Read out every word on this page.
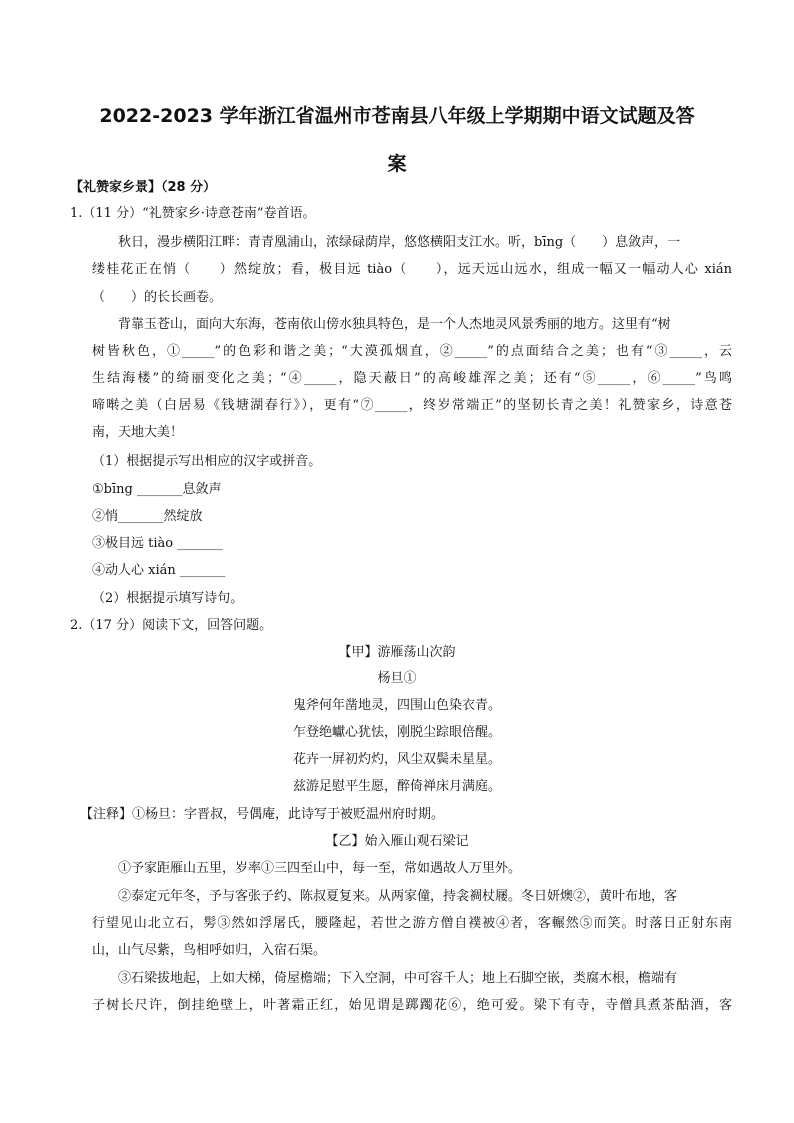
2022-2023 学年浙江省温州市苍南县八年级上学期期中语文试题及答
案
【礼赞家乡景】（28 分）
1.（11 分）“礼赞家乡·诗意苍南”卷首语。
秋日，漫步横阳江畔：青青凰浦山，浓绿碌荫岸，悠悠横阳支江水。听，bīng（　　）息敛声，一
缕桂花正在悄（　　）然绽放；看，极目远 tiào（　　），远天远山远水，组成一幅又一幅动人心 xián
（　　）的长长画卷。
背靠玉苍山，面向大东海，苍南依山傍水独具特色，是一个人杰地灵风景秀丽的地方。这里有“树
树皆秋色，①_____”的色彩和谐之美；“大漠孤烟直，②_____”的点面结合之美；也有“③_____，云
生结海楼”的绮丽变化之美；“④_____，隐天蔽日”的高峻雄浑之美；还有“⑤_____，⑥_____”鸟鸣
啼啭之美（白居易《钱塘湖春行》），更有“⑦_____，终岁常端正”的坚韧长青之美！礼赞家乡，诗意苍
南，天地大美！
（1）根据提示写出相应的汉字或拼音。
①bīng _______息敛声
②悄_______然绽放
③极目远 tiào _______
④动人心 xián _______
（2）根据提示填写诗句。
2.（17 分）阅读下文，回答问题。
【甲】游雁荡山次韵
杨旦①
鬼斧何年凿地灵，四围山色染衣青。
乍登绝巘心犹怯，刚脱尘踪眼倍醒。
花卉一屏初灼灼，风尘双鬓未星星。
兹游足慰平生愿，醉倚禅床月满庭。
【注释】①杨旦：字晋叔，号偶庵，此诗写于被贬温州府时期。
【乙】始入雁山观石梁记
①予家距雁山五里，岁率①三四至山中，每一至，常如遇故人万里外。
②泰定元年冬，予与客张子约、陈叔夏复来。从两家僮，持衾裯杖屦。冬日妍燠②，黄叶布地，客
行望见山北立石，髣③然如浮屠氏，腰隆起，若世之游方僧自襆被④者，客輾然⑤而笑。时落日正射东南
山，山气尽紫，鸟相呼如归，入宿石渠。
③石梁拔地起，上如大梯，倚屋檐端；下入空洞，中可容千人；地上石脚空嵌，类腐木根，檐端有
子树长尺许，倒挂绝壁上，叶著霜正红，始见谓是踯躅花⑥，绝可爱。梁下有寺，寺僧具煮茶酤酒，客
